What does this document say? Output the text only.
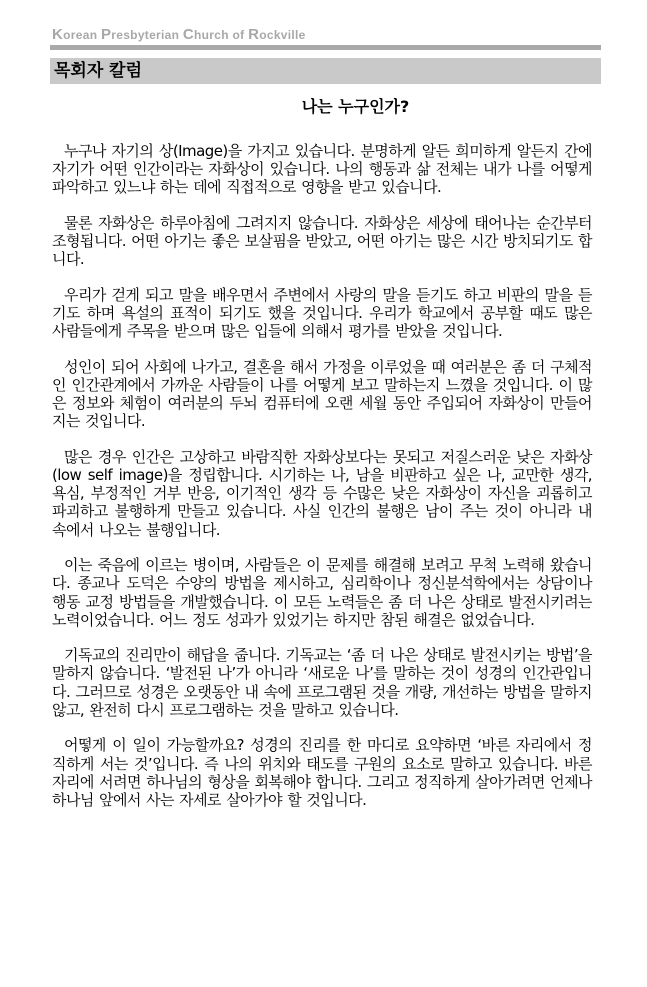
Korean Presbyterian Church of Rockville
목회자 칼럼
나는 누구인가?

누구나 자기의 상(Image)을 가지고 있습니다. 분명하게 알든 희미하게 알든지 간에 자기가 어떤 인간이라는 자화상이 있습니다. 나의 행동과 삶 전체는 내가 나를 어떻게 파악하고 있느냐 하는 데에 직접적으로 영향을 받고 있습니다.

물론 자화상은 하루아침에 그려지지 않습니다. 자화상은 세상에 태어나는 순간부터 조형됩니다. 어떤 아기는 좋은 보살핌을 받았고, 어떤 아기는 많은 시간 방치되기도 합니다.

우리가 걷게 되고 말을 배우면서 주변에서 사랑의 말을 듣기도 하고 비판의 말을 듣기도 하며 욕설의 표적이 되기도 했을 것입니다. 우리가 학교에서 공부할 때도 많은 사람들에게 주목을 받으며 많은 입들에 의해서 평가를 받았을 것입니다.

성인이 되어 사회에 나가고, 결혼을 해서 가정을 이루었을 때 여러분은 좀 더 구체적인 인간관계에서 가까운 사람들이 나를 어떻게 보고 말하는지 느꼈을 것입니다. 이 많은 정보와 체험이 여러분의 두뇌 컴퓨터에 오랜 세월 동안 주입되어 자화상이 만들어지는 것입니다.

많은 경우 인간은 고상하고 바람직한 자화상보다는 못되고 저질스러운 낮은 자화상(low self image)을 정립합니다. 시기하는 나, 남을 비판하고 싶은 나, 교만한 생각, 욕심, 부정적인 거부 반응, 이기적인 생각 등 수많은 낮은 자화상이 자신을 괴롭히고 파괴하고 불행하게 만들고 있습니다. 사실 인간의 불행은 남이 주는 것이 아니라 내 속에서 나오는 불행입니다.

이는 죽음에 이르는 병이며, 사람들은 이 문제를 해결해 보려고 무척 노력해 왔습니다. 종교나 도덕은 수양의 방법을 제시하고, 심리학이나 정신분석학에서는 상담이나 행동 교정 방법들을 개발했습니다. 이 모든 노력들은 좀 더 나은 상태로 발전시키려는 노력이었습니다. 어느 정도 성과가 있었기는 하지만 참된 해결은 없었습니다.

기독교의 진리만이 해답을 줍니다. 기독교는 ‘좀 더 나은 상태로 발전시키는 방법’을 말하지 않습니다. ‘발전된 나’가 아니라 ‘새로운 나’를 말하는 것이 성경의 인간관입니다. 그러므로 성경은 오랫동안 내 속에 프로그램된 것을 개량, 개선하는 방법을 말하지 않고, 완전히 다시 프로그램하는 것을 말하고 있습니다.

어떻게 이 일이 가능할까요? 성경의 진리를 한 마디로 요약하면 ‘바른 자리에서 정직하게 서는 것’입니다. 즉 나의 위치와 태도를 구원의 요소로 말하고 있습니다. 바른 자리에 서려면 하나님의 형상을 회복해야 합니다. 그리고 정직하게 살아가려면 언제나 하나님 앞에서 사는 자세로 살아가야 할 것입니다.
